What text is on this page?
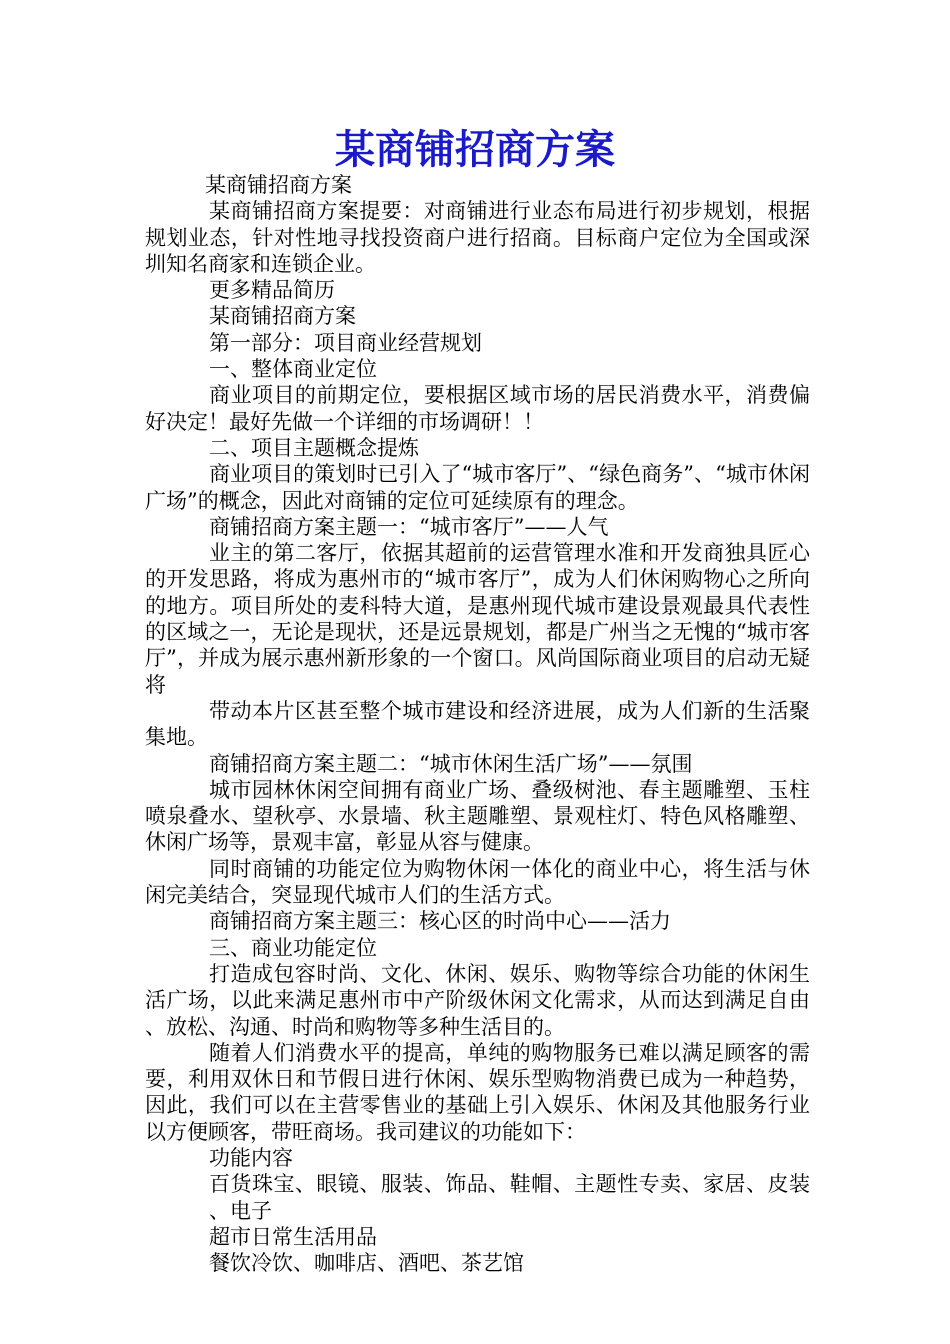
某商铺招商方案

某商铺招商方案

某商铺招商方案提要：对商铺进行业态布局进行初步规划，根据规划业态，针对性地寻找投资商户进行招商。目标商户定位为全国或深圳知名商家和连锁企业。

更多精品简历

某商铺招商方案

第一部分：项目商业经营规划

一、整体商业定位

商业项目的前期定位，要根据区域市场的居民消费水平，消费偏好决定！最好先做一个详细的市场调研！！

二、项目主题概念提炼

商业项目的策划时已引入了“城市客厅”、“绿色商务”、“城市休闲广场”的概念，因此对商铺的定位可延续原有的理念。

商铺招商方案主题一：“城市客厅”——人气

业主的第二客厅，依据其超前的运营管理水准和开发商独具匠心的开发思路，将成为惠州市的“城市客厅”，成为人们休闲购物心之所向的地方。项目所处的麦科特大道，是惠州现代城市建设景观最具代表性的区域之一，无论是现状，还是远景规划，都是广州当之无愧的“城市客厅”，并成为展示惠州新形象的一个窗口。风尚国际商业项目的启动无疑将

带动本片区甚至整个城市建设和经济进展，成为人们新的生活聚集地。

商铺招商方案主题二：“城市休闲生活广场”——氛围

城市园林休闲空间拥有商业广场、叠级树池、春主题雕塑、玉柱喷泉叠水、望秋亭、水景墙、秋主题雕塑、景观柱灯、特色风格雕塑、休闲广场等，景观丰富，彰显从容与健康。

同时商铺的功能定位为购物休闲一体化的商业中心，将生活与休闲完美结合，突显现代城市人们的生活方式。

商铺招商方案主题三：核心区的时尚中心——活力

三、商业功能定位

打造成包容时尚、文化、休闲、娱乐、购物等综合功能的休闲生活广场，以此来满足惠州市中产阶级休闲文化需求，从而达到满足自由、放松、沟通、时尚和购物等多种生活目的。

随着人们消费水平的提高，单纯的购物服务已难以满足顾客的需要，利用双休日和节假日进行休闲、娱乐型购物消费已成为一种趋势，因此，我们可以在主营零售业的基础上引入娱乐、休闲及其他服务行业以方便顾客，带旺商场。我司建议的功能如下：

功能内容

百货珠宝、眼镜、服装、饰品、鞋帽、主题性专卖、家居、皮装、电子

超市日常生活用品

餐饮冷饮、咖啡店、酒吧、茶艺馆
